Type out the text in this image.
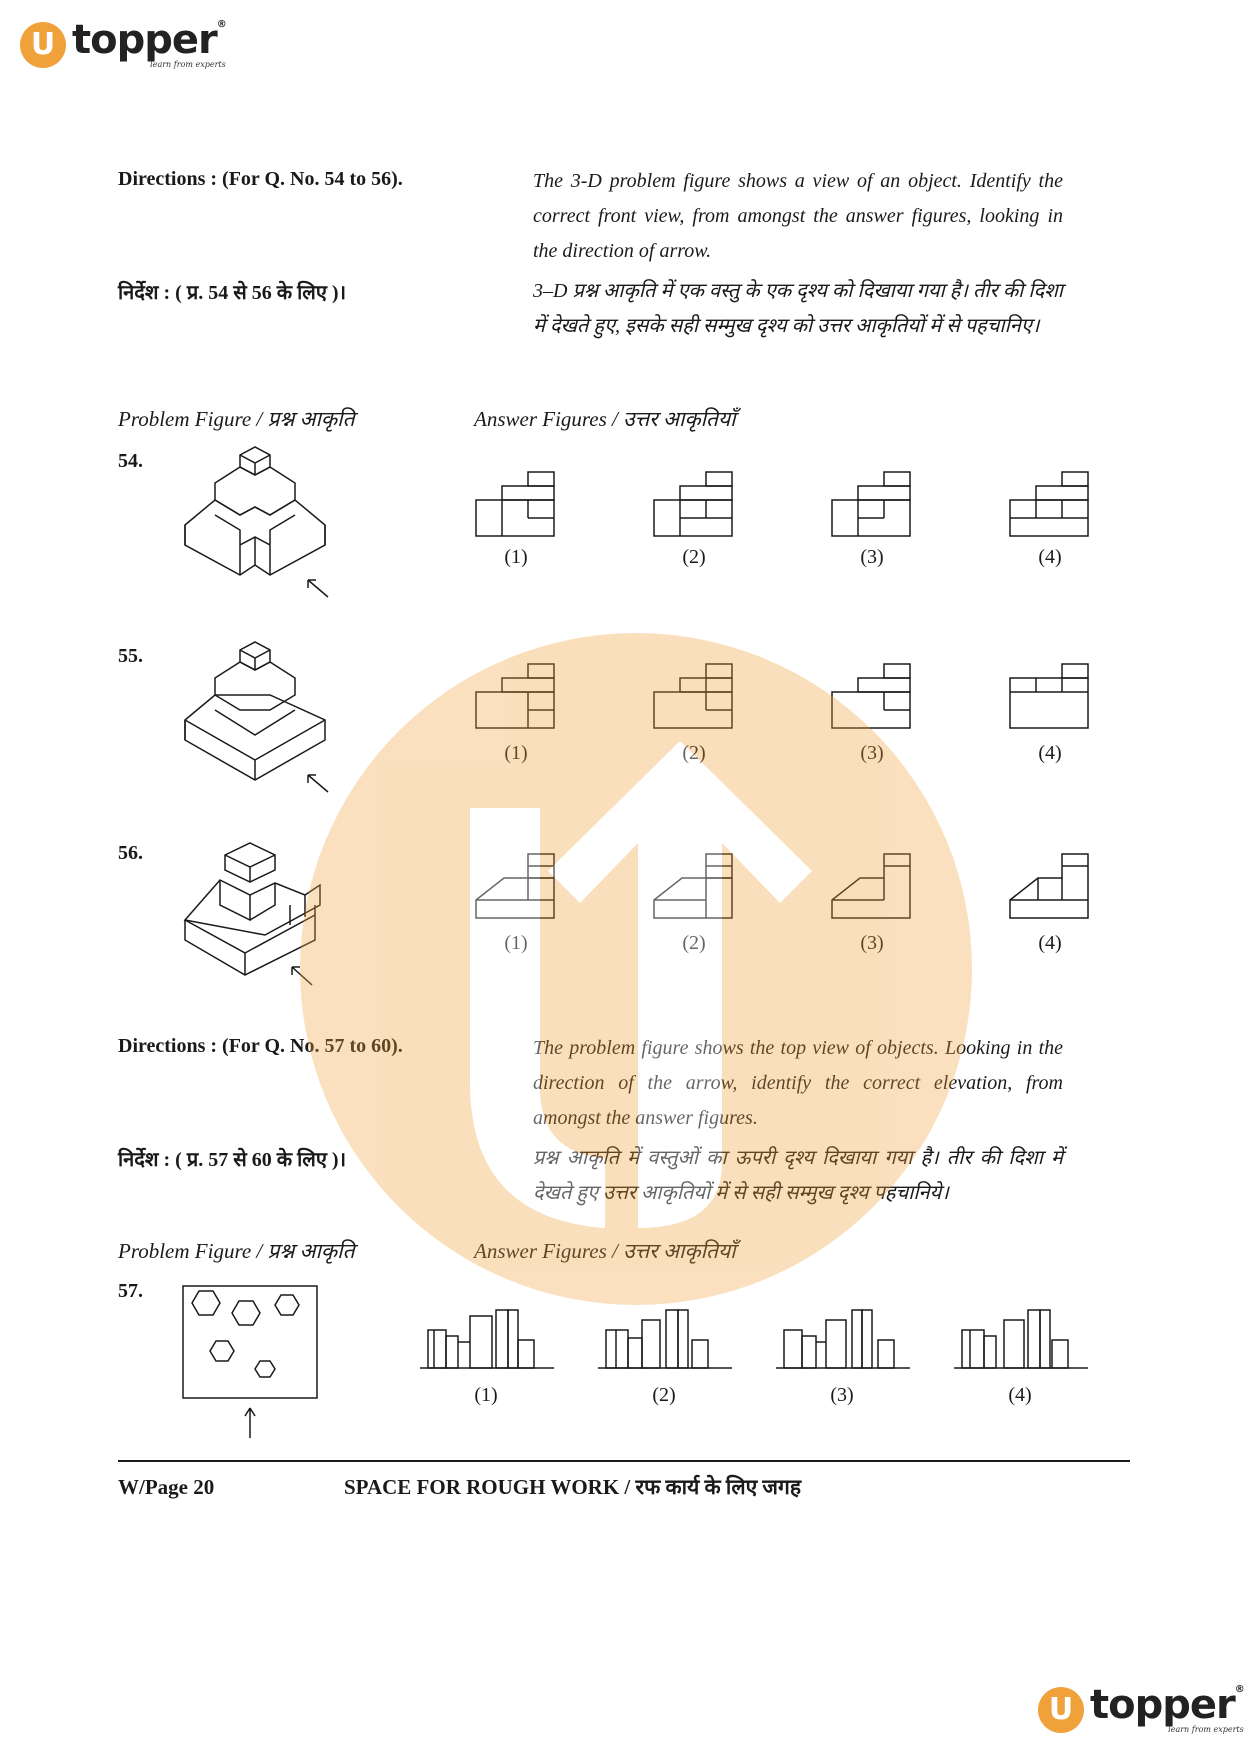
U topper®
learn from experts
Directions : (For Q. No. 54 to 56).	The 3-D problem figure shows a view of an object. Identify the correct front view, from amongst the answer figures, looking in the direction of arrow.
निर्देश : ( प्र. 54 से 56 के लिए )।	3–D प्रश्न आकृति में एक वस्तु के एक दृश्य को दिखाया गया है। तीर की दिशा में देखते हुए, इसके सही सम्मुख दृश्य को उत्तर आकृतियों में से पहचानिए।
Problem Figure / प्रश्न आकृति	Answer Figures / उत्तर आकृतियाँ
54.
(1)	(2)	(3)	(4)
55.
(1)	(2)	(3)	(4)
56.
(1)	(2)	(3)	(4)
Directions : (For Q. No. 57 to 60).	The problem figure shows the top view of objects. Looking in the direction of the arrow, identify the correct elevation, from amongst the answer figures.
निर्देश : ( प्र. 57 से 60 के लिए )।	प्रश्न आकृति में वस्तुओं का ऊपरी दृश्य दिखाया गया है। तीर की दिशा में देखते हुए उत्तर आकृतियों में से सही सम्मुख दृश्य पहचानिये।
Problem Figure / प्रश्न आकृति	Answer Figures / उत्तर आकृतियाँ
57.
(1)	(2)	(3)	(4)
W/Page 20	SPACE FOR ROUGH WORK / रफ कार्य के लिए जगह
U topper®
learn from experts
